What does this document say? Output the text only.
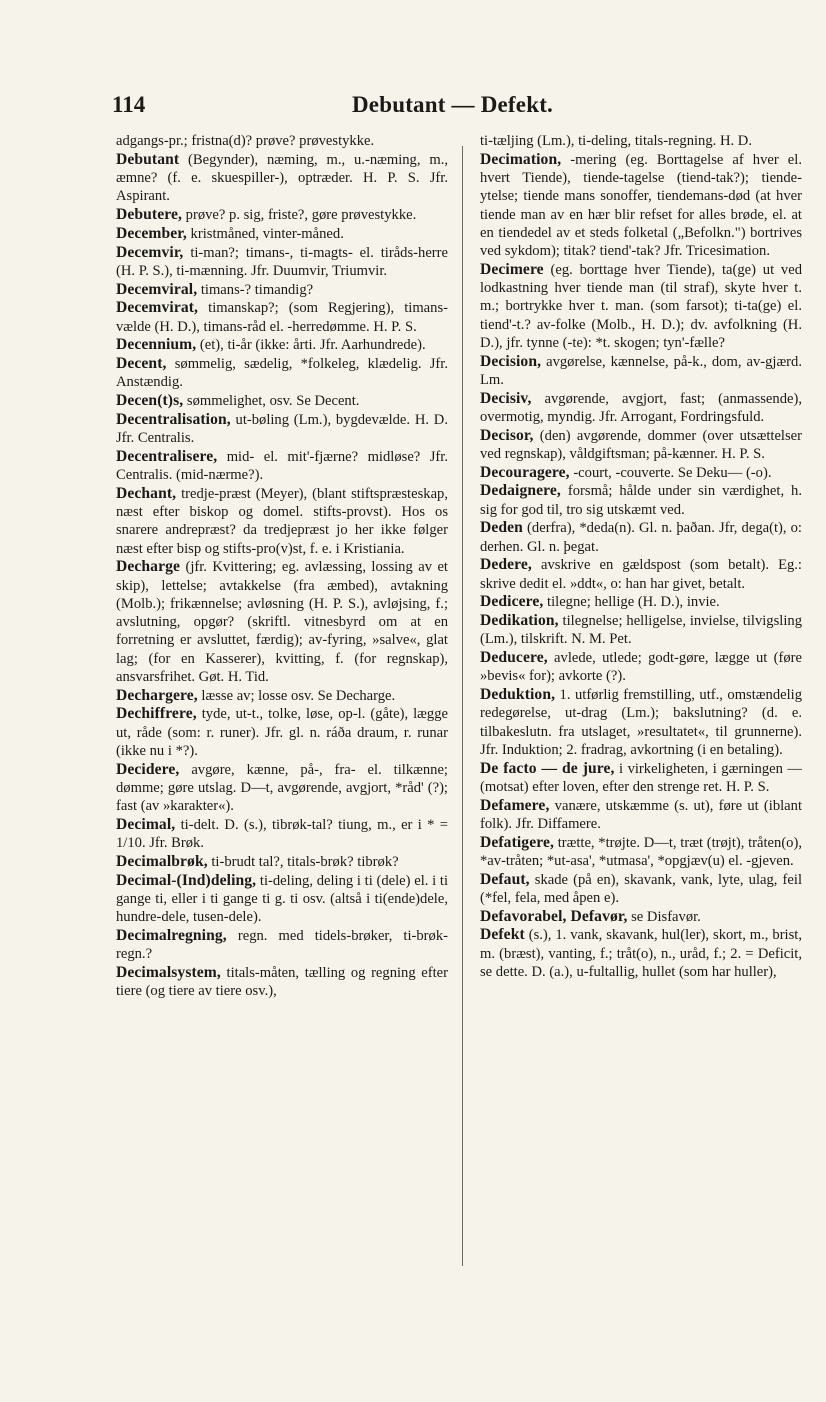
114	Debutant — Defekt.
adgangs-pr.; fristna(d)? prøve? prøvestykke.
Debutant (Begynder), næming, m., u.-næming, m., æmne? (f. e. skuespiller-), optræder. H. P. S. Jfr. Aspirant.
Debutere, prøve? p. sig, friste?, gøre prøvestykke.
December, kristmåned, vinter-måned.
Decemvir, ti-man?; timans-, ti-magts- el. tiråds-herre (H. P. S.), ti-mænning. Jfr. Duumvir, Triumvir.
Decemviral, timans-? timandig?
Decemvirat, timanskap?; (som Regjering), timans-vælde (H. D.), timans-råd el. -herredømme. H. P. S.
Decennium, (et), ti-år (ikke: årti. Jfr. Aarhundrede).
Decent, sømmelig, sædelig, *folkeleg, klædelig. Jfr. Anstændig.
Decen(t)s, sømmelighet, osv. Se Decent.
Decentralisation, ut-bøling (Lm.), bygdevælde. H. D. Jfr. Centralis.
Decentralisere, mid- el. mit'-fjærne? midløse? Jfr. Centralis. (mid-nærme?).
Dechant, tredje-præst (Meyer), (blant stiftspræsteskap, næst efter biskop og domel. stifts-provst). Hos os snarere andrepræst? da tredjepræst jo her ikke følger næst efter bisp og stifts-pro(v)st, f. e. i Kristiania.
Decharge (jfr. Kvittering; eg. avlæssing, lossing av et skip), lettelse; avtakkelse (fra æmbed), avtakning (Molb.); frikænnelse; avløsning (H. P. S.), avløjsing, f.; avslutning, opgør? (skriftl. vitnesbyrd om at en forretning er avsluttet, færdig); av-fyring, »salve«, glat lag; (for en Kasserer), kvitting, f. (for regnskap), ansvarsfrihet. Gøt. H. Tid.
Dechargere, læsse av; losse osv. Se Decharge.
Dechiffrere, tyde, ut-t., tolke, løse, op-l. (gåte), lægge ut, råde (som: r. runer). Jfr. gl. n. ráða draum, r. runar (ikke nu i *?).
Decidere, avgøre, kænne, på-, fra- el. tilkænne; dømme; gøre utslag. D—t, avgørende, avgjort, *råd' (?); fast (av »karakter«).
Decimal, ti-delt. D. (s.), tibrøk-tal? tiung, m., er i * = 1/10. Jfr. Brøk.
Decimalbrøk, ti-brudt tal?, titals-brøk? tibrøk?
Decimal-(Ind)deling, ti-deling, deling i ti (dele) el. i ti gange ti, eller i ti gange ti g. ti osv. (altså i ti(ende)dele, hundre-dele, tusen-dele).
Decimalregning, regn. med tidels-brøker, ti-brøk-regn.?
Decimalsystem, titals-måten, tælling og regning efter tiere (og tiere av tiere osv.),
ti-tæljing (Lm.), ti-deling, titals-regning. H. D.
Decimation, -mering (eg. Borttagelse af hver el. hvert Tiende), tiende-tagelse (tiend-tak?); tiende-ytelse; tiende mans sonoffer, tiendemans-død (at hver tiende man av en hær blir refset for alles brøde, el. at en tiendedel av et steds folketal („Befolkn.") bortrives ved sykdom); titak? tiend'-tak? Jfr. Tricesimation.
Decimere (eg. borttage hver Tiende), ta(ge) ut ved lodkastning hver tiende man (til straf), skyte hver t. m.; bortrykke hver t. man. (som farsot); ti-ta(ge) el. tiend'-t.? av-folke (Molb., H. D.); dv. avfolkning (H. D.), jfr. tynne (-te): *t. skogen; tyn'-fælle?
Decision, avgørelse, kænnelse, på-k., dom, av-gjærd. Lm.
Decisiv, avgørende, avgjort, fast; (anmassende), overmotig, myndig. Jfr. Arrogant, Fordringsfuld.
Decisor, (den) avgørende, dommer (over utsættelser ved regnskap), våldgiftsman; på-kænner. H. P. S.
Decouragere, -court, -couverte. Se Deku— (-o).
Dedaignere, forsmå; hålde under sin værdighet, h. sig for god til, tro sig utskæmt ved.
Deden (derfra), *deda(n). Gl. n. þaðan. Jfr, dega(t), o: derhen. Gl. n. þegat.
Dedere, avskrive en gældspost (som betalt). Eg.: skrive dedit el. »ddt«, o: han har givet, betalt.
Dedicere, tilegne; hellige (H. D.), invie.
Dedikation, tilegnelse; helligelse, invielse, tilvigsling (Lm.), tilskrift. N. M. Pet.
Deducere, avlede, utlede; godt-gøre, lægge ut (føre »bevis« for); avkorte (?).
Deduktion, 1. utførlig fremstilling, utf., omstændelig redegørelse, ut-drag (Lm.); bakslutning? (d. e. tilbakeslutn. fra utslaget, »resultatet«, til grunnerne). Jfr. Induktion; 2. fradrag, avkortning (i en betaling).
De facto — de jure, i virkeligheten, i gærningen — (motsat) efter loven, efter den strenge ret. H. P. S.
Defamere, vanære, utskæmme (s. ut), føre ut (iblant folk). Jfr. Diffamere.
Defatigere, trætte, *trøjte. D—t, træt (trøjt), tråten(o), *av-tråten; *ut-asa', *utmasa', *opgjæv(u) el. -gjeven.
Defaut, skade (på en), skavank, vank, lyte, ulag, feil (*fel, fela, med åpen e).
Defavorabel, Defavør, se Disfavør.
Defekt (s.), 1. vank, skavank, hul(ler), skort, m., brist, m. (bræst), vanting, f.; tråt(o), n., uråd, f.; 2. = Deficit, se dette. D. (a.), u-fultallig, hullet (som har huller),
